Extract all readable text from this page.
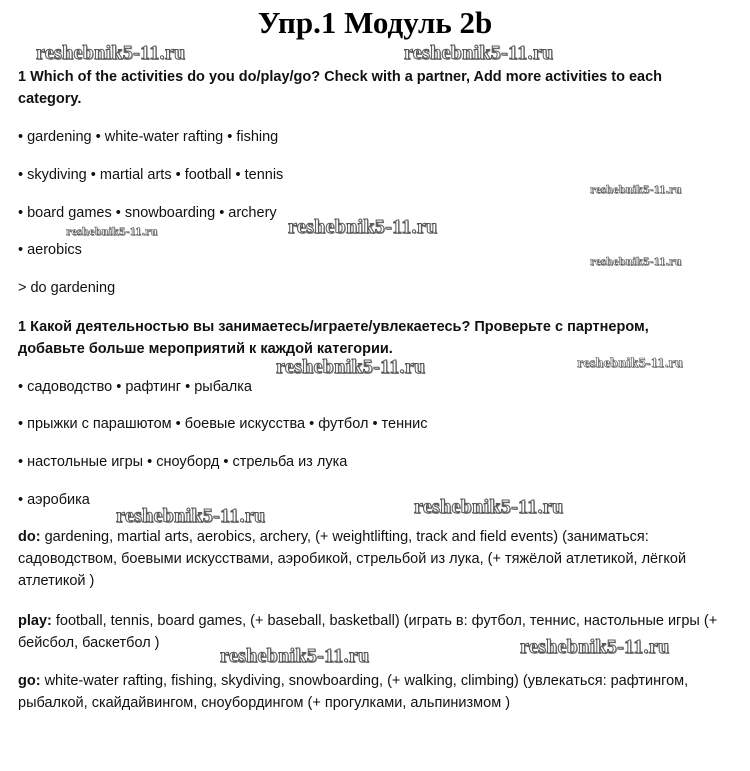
Упр.1 Модуль 2b

1 Which of the activities do you do/play/go? Check with a partner, Add more activities to each category.

• gardening • white-water rafting • fishing

• skydiving • martial arts • football • tennis

• board games • snowboarding • archery

• aerobics

> do gardening

1 Какой деятельностью вы занимаетесь/играете/увлекаетесь? Проверьте с партнером, добавьте больше мероприятий к каждой категории.

• садоводство • рафтинг • рыбалка

• прыжки с парашютом • боевые искусства • футбол • теннис

• настольные игры • сноуборд • стрельба из лука

• аэробика

do: gardening, martial arts, aerobics, archery, (+ weightlifting, track and field events) (заниматься: садоводством, боевыми искусствами, аэробикой, стрельбой из лука, (+ тяжёлой атлетикой, лёгкой атлетикой )

play: football, tennis, board games, (+ baseball, basketball) (играть в: футбол, теннис, настольные игры (+ бейсбол, баскетбол )

go: white-water rafting, fishing, skydiving, snowboarding, (+ walking, climbing) (увлекаться: рафтингом, рыбалкой, скайдайвингом, сноубордингом (+ прогулками, альпинизмом )

reshebnik5-11.ru	reshebnik5-11.ru
reshebnik5-11.ru
reshebnik5-11.ru	reshebnik5-11.ru
reshebnik5-11.ru
reshebnik5-11.ru	reshebnik5-11.ru
reshebnik5-11.ru
reshebnik5-11.ru
reshebnik5-11.ru
reshebnik5-11.ru
